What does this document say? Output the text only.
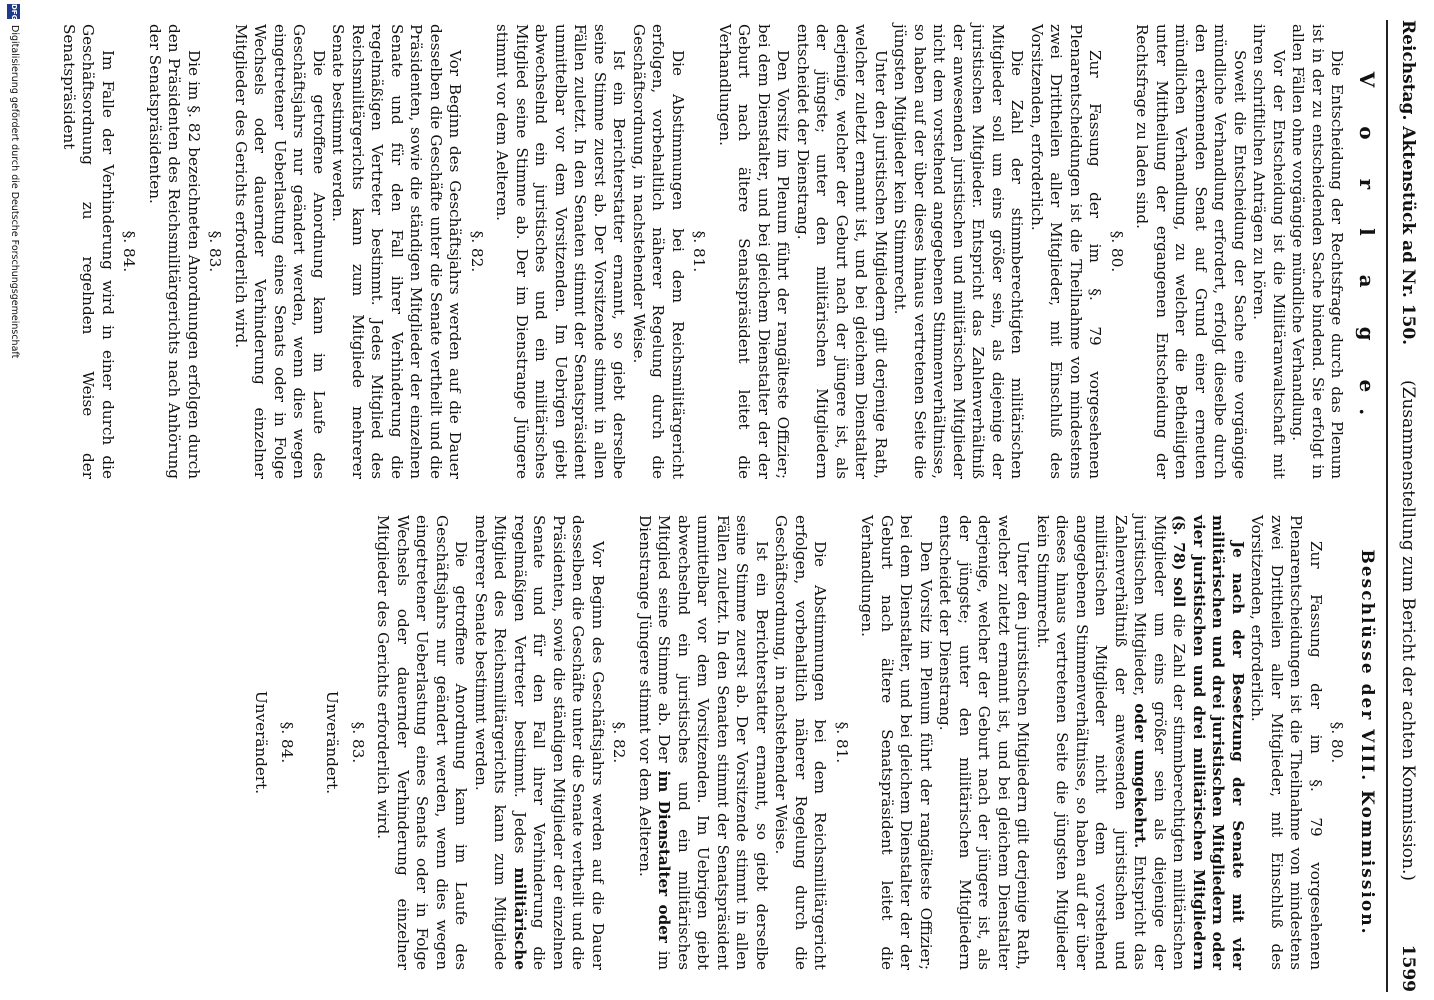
Reichstag. Aktenstück ad Nr. 150.
(Zusammenstellung zum Bericht der achten Kommission.)
1599
V o r l a g e.

Die Entscheidung der Rechtsfrage durch das Plenum ist in der zu entscheidenden Sache bindend. Sie erfolgt in allen Fällen ohne vorgängige mündliche Verhandlung.

Vor der Entscheidung ist die Militäranwaltschaft mit ihren schriftlichen Anträgen zu hören.

Soweit die Entscheidung der Sache eine vorgängige mündliche Verhandlung erfordert, erfolgt dieselbe durch den erkennenden Senat auf Grund einer erneuten mündlichen Verhandlung, zu welcher die Betheiligten unter Mittheilung der ergangenen Entscheidung der Rechtsfrage zu laden sind.

§. 80.

Zur Fassung der im §. 79 vorgesehenen Plenarentscheidungen ist die Theilnahme von mindestens zwei Drittheilen aller Mitglieder, mit Einschluß des Vorsitzenden, erforderlich.

Die Zahl der stimmberechtigten militärischen Mitglieder soll um eins größer sein, als diejenige der juristischen Mitglieder. Entspricht das Zahlenverhältniß der anwesenden juristischen und militärischen Mitglieder nicht dem vorstehend angegebenen Stimmenverhältnisse, so haben auf der über dieses hinaus vertretenen Seite die jüngsten Mitglieder kein Stimmrecht.

Unter den juristischen Mitgliedern gilt derjenige Rath, welcher zuletzt ernannt ist, und bei gleichem Dienstalter derjenige, welcher der Geburt nach der jüngere ist, als der jüngste; unter den militärischen Mitgliedern entscheidet der Dienstrang.

Den Vorsitz im Plenum führt der rangälteste Offizier; bei dem Dienstalter, und bei gleichem Dienstalter der der Geburt nach ältere Senatspräsident leitet die Verhandlungen.

§. 81.

Die Abstimmungen bei dem Reichsmilitärgericht erfolgen, vorbehaltlich näherer Regelung durch die Geschäftsordnung, in nachstehender Weise.

Ist ein Berichterstatter ernannt, so giebt derselbe seine Stimme zuerst ab. Der Vorsitzende stimmt in allen Fällen zuletzt. In den Senaten stimmt der Senatspräsident unmittelbar vor dem Vorsitzenden. Im Uebrigen giebt abwechselnd ein juristisches und ein militärisches Mitglied seine Stimme ab. Der im Dienstrange Jüngere stimmt vor dem Aelteren.

§. 82.

Vor Beginn des Geschäftsjahrs werden auf die Dauer desselben die Geschäfte unter die Senate vertheilt und die Präsidenten, sowie die ständigen Mitglieder der einzelnen Senate und für den Fall ihrer Verhinderung die regelmäßigen Vertreter bestimmt. Jedes Mitglied des Reichsmilitärgerichts kann zum Mitgliede mehrerer Senate bestimmt werden.

Die getroffene Anordnung kann im Laufe des Geschäftsjahrs nur geändert werden, wenn dies wegen eingetretener Ueberlastung eines Senats oder in Folge Wechsels oder dauernder Verhinderung einzelner Mitglieder des Gerichts erforderlich wird.

§. 83.

Die im §. 82 bezeichneten Anordnungen erfolgen durch den Präsidenten des Reichsmilitärgerichts nach Anhörung der Senatspräsidenten.

§. 84.

Im Falle der Verhinderung wird in einer durch die Geschäftsordnung zu regelnden Weise der Senatspräsident

Beschlüsse der VIII. Kommission.
§. 80.

Zur Fassung der im §. 79 vorgesehenen Plenarentscheidungen ist die Theilnahme von mindestens zwei Drittheilen aller Mitglieder, mit Einschluß des Vorsitzenden, erforderlich.

Je nach der Besetzung der Senate mit vier militärischen und drei juristischen Mitgliedern oder vier juristischen und drei militärischen Mitgliedern (§. 78) soll die Zahl der stimmberechtigten militärischen Mitglieder um eins größer sein als diejenige der juristischen Mitglieder, oder umgekehrt. Entspricht das Zahlenverhältniß der anwesenden juristischen und militärischen Mitglieder nicht dem vorstehend angegebenen Stimmenverhältnisse, so haben auf der über dieses hinaus vertretenen Seite die jüngsten Mitglieder kein Stimmrecht.

Unter den juristischen Mitgliedern gilt derjenige Rath, welcher zuletzt ernannt ist, und bei gleichem Dienstalter derjenige, welcher der Geburt nach der jüngere ist, als der jüngste; unter den militärischen Mitgliedern entscheidet der Dienstrang.

Den Vorsitz im Plenum führt der rangälteste Offizier; bei dem Dienstalter, und bei gleichem Dienstalter der der Geburt nach ältere Senatspräsident leitet die Verhandlungen.

§. 81.

Die Abstimmungen bei dem Reichsmilitärgericht erfolgen, vorbehaltlich näherer Regelung durch die Geschäftsordnung, in nachstehender Weise.

Ist ein Berichterstatter ernannt, so giebt derselbe seine Stimme zuerst ab. Der Vorsitzende stimmt in allen Fällen zuletzt. In den Senaten stimmt der Senatspräsident unmittelbar vor dem Vorsitzenden. Im Uebrigen giebt abwechselnd ein juristisches und ein militärisches Mitglied seine Stimme ab. Der im Dienstalter oder im Dienstrange Jüngere stimmt vor dem Aelteren.

§. 82.

Vor Beginn des Geschäftsjahrs werden auf die Dauer desselben die Geschäfte unter die Senate vertheilt und die Präsidenten, sowie die ständigen Mitglieder der einzelnen Senate und für den Fall ihrer Verhinderung die regelmäßigen Vertreter bestimmt. Jedes militärische Mitglied des Reichsmilitärgerichts kann zum Mitgliede mehrerer Senate bestimmt werden.

Die getroffene Anordnung kann im Laufe des Geschäftsjahrs nur geändert werden, wenn dies wegen eingetretener Ueberlastung eines Senats oder in Folge Wechsels oder dauernder Verhinderung einzelner Mitglieder des Gerichts erforderlich wird.

§. 83.
Unverändert.
§. 84.
Unverändert.
DFG
Digitalisierung gefördert durch die Deutsche Forschungsgemeinschaft
